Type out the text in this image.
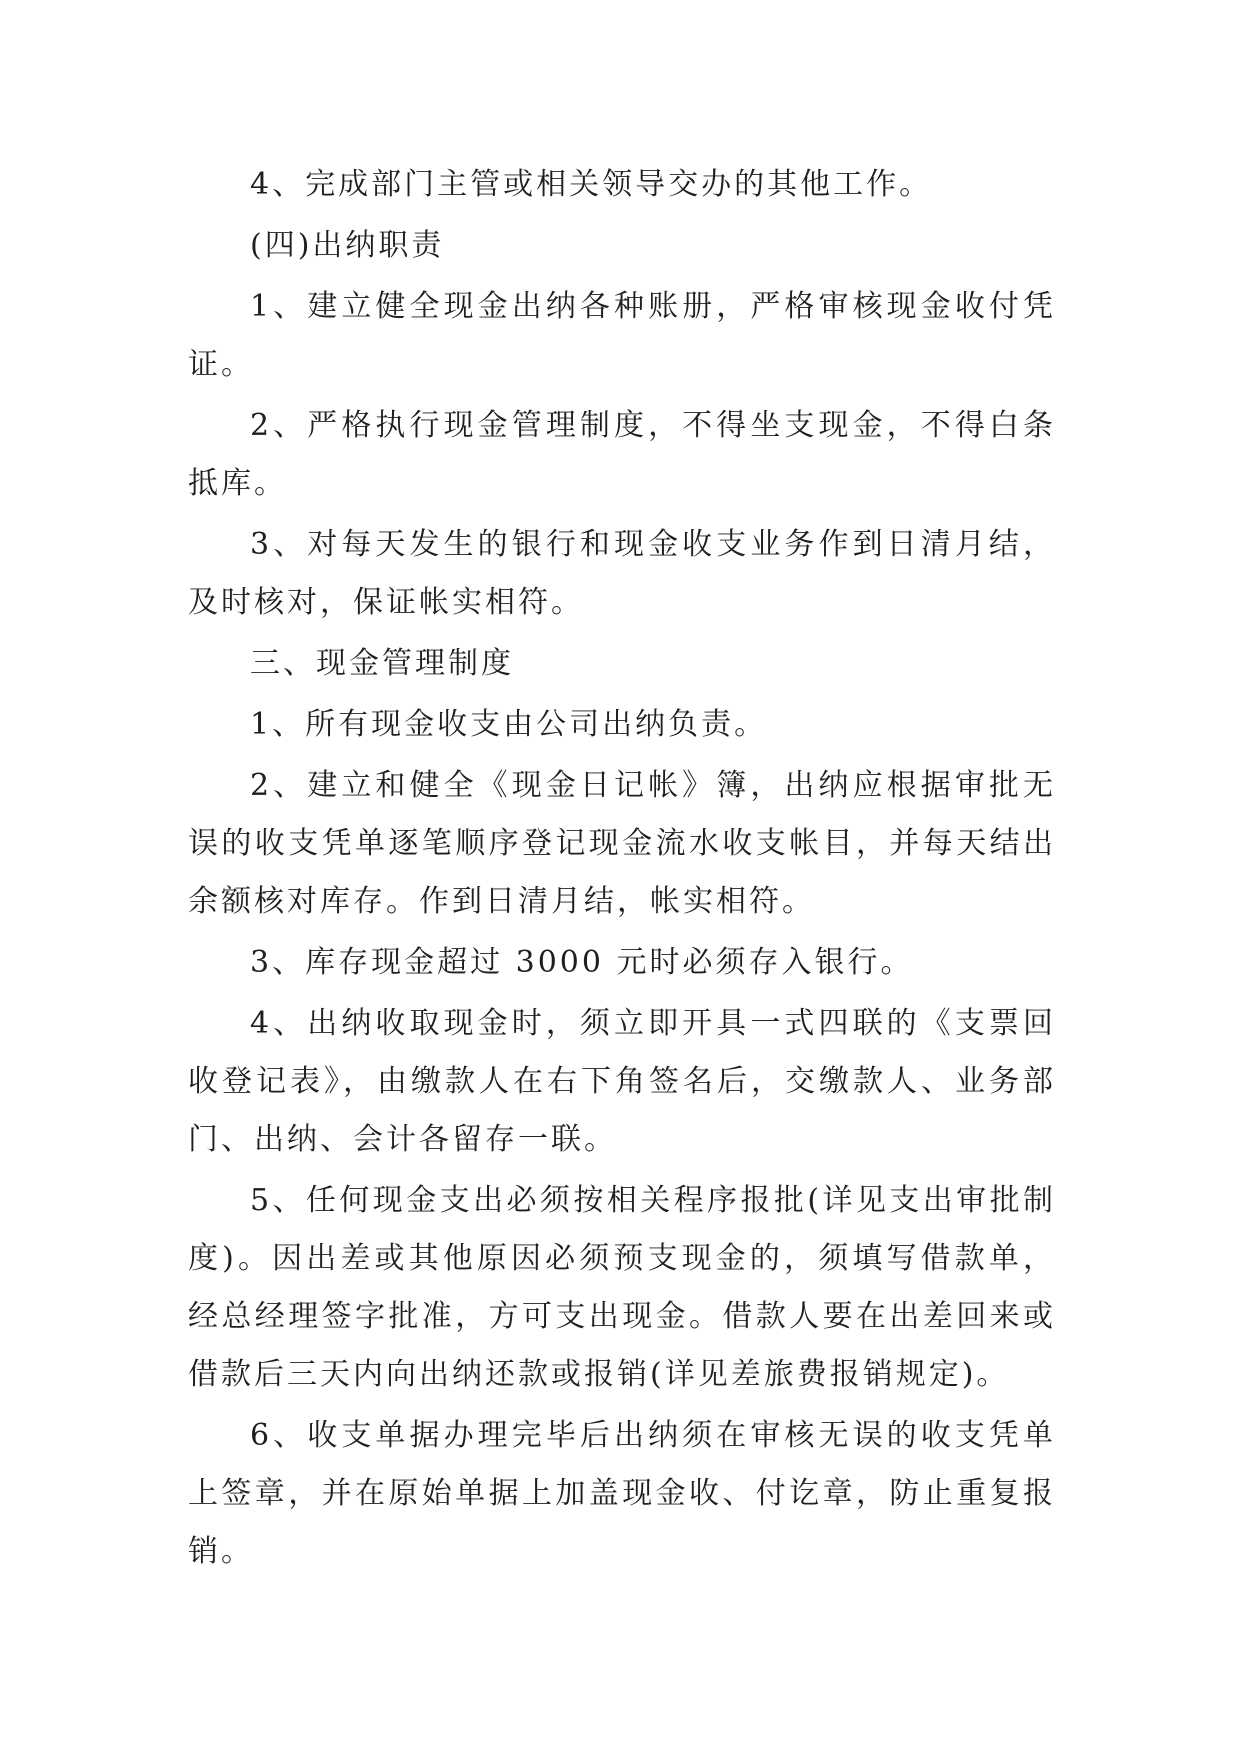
4、完成部门主管或相关领导交办的其他工作。

(四)出纳职责

1、建立健全现金出纳各种账册，严格审核现金收付凭证。

2、严格执行现金管理制度，不得坐支现金，不得白条抵库。

3、对每天发生的银行和现金收支业务作到日清月结，及时核对，保证帐实相符。

三、现金管理制度

1、所有现金收支由公司出纳负责。

2、建立和健全《现金日记帐》簿，出纳应根据审批无误的收支凭单逐笔顺序登记现金流水收支帐目，并每天结出余额核对库存。作到日清月结，帐实相符。

3、库存现金超过 3000 元时必须存入银行。

4、出纳收取现金时，须立即开具一式四联的《支票回收登记表》，由缴款人在右下角签名后，交缴款人、业务部门、出纳、会计各留存一联。

5、任何现金支出必须按相关程序报批(详见支出审批制度)。因出差或其他原因必须预支现金的，须填写借款单，经总经理签字批准，方可支出现金。借款人要在出差回来或借款后三天内向出纳还款或报销(详见差旅费报销规定)。

6、收支单据办理完毕后出纳须在审核无误的收支凭单上签章，并在原始单据上加盖现金收、付讫章，防止重复报销。
